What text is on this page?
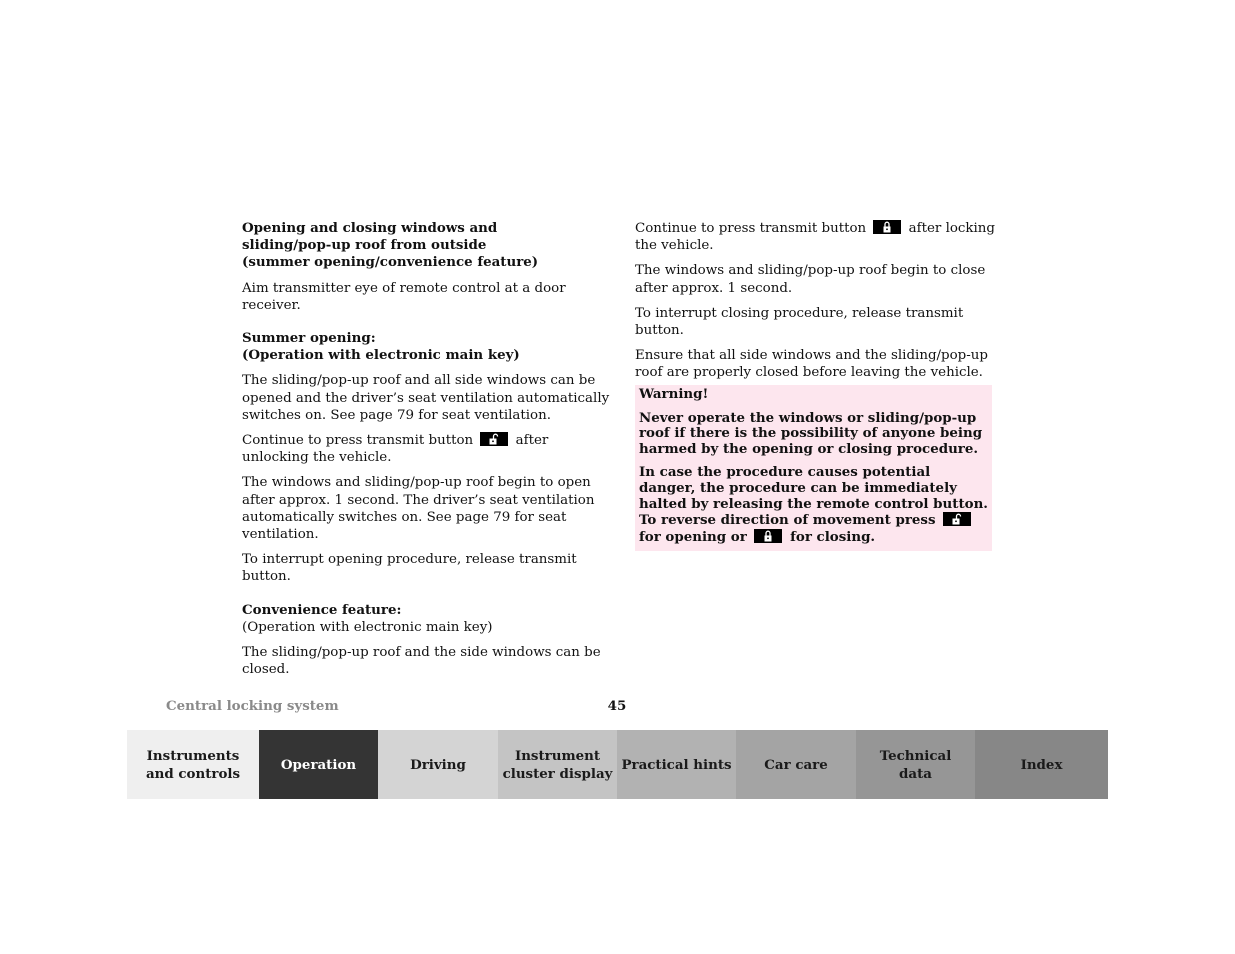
Opening and closing windows and
sliding/pop-up roof from outside
(summer opening/convenience feature)

Aim transmitter eye of remote control at a door receiver.

Summer opening:
(Operation with electronic main key)

The sliding/pop-up roof and all side windows can be opened and the driver’s seat ventilation automatically switches on. See page 79 for seat ventilation.

Continue to press transmit button	after unlocking the vehicle.

The windows and sliding/pop-up roof begin to open after approx. 1 second. The driver’s seat ventilation automatically switches on. See page 79 for seat ventilation.

To interrupt opening procedure, release transmit button.

Convenience feature:

(Operation with electronic main key)

The sliding/pop-up roof and the side windows can be closed.

Continue to press transmit button	after locking the vehicle.

The windows and sliding/pop-up roof begin to close after approx. 1 second.

To interrupt closing procedure, release transmit button.

Ensure that all side windows and the sliding/pop-up roof are properly closed before leaving the vehicle.

Warning!

Never operate the windows or sliding/pop-up roof if there is the possibility of anyone being harmed by the opening or closing procedure.

In case the procedure causes potential danger, the procedure can be immediately halted by releasing the remote control button. To reverse direction of movement press
for opening or	for closing.

Central locking system	45
Instruments
and controls
Operation	Driving
Instrument
cluster display
Practical hints	Car care
Technical
data
Index
